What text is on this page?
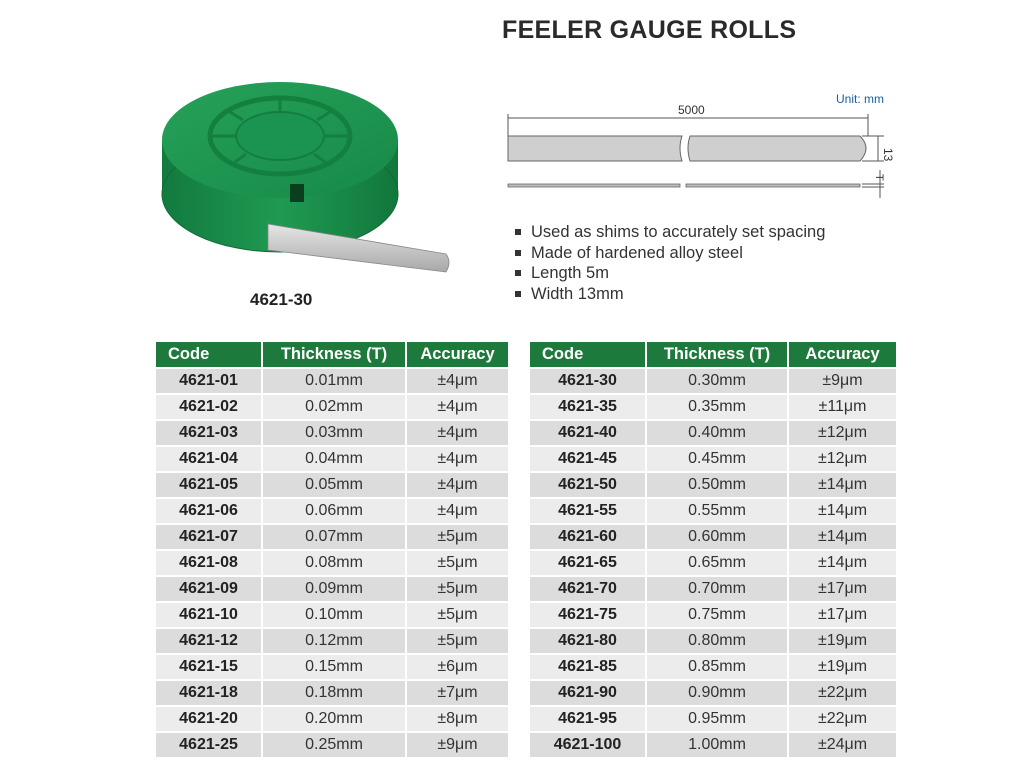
FEELER GAUGE ROLLS
4621-30
5000
13
T
Unit: mm
Used as shims to accurately set spacing
Made of hardened alloy steel
Length 5m
Width 13mm
Code	Thickness (T)	Accuracy
4621-01	0.01mm	±4μm
4621-02	0.02mm	±4μm
4621-03	0.03mm	±4μm
4621-04	0.04mm	±4μm
4621-05	0.05mm	±4μm
4621-06	0.06mm	±4μm
4621-07	0.07mm	±5μm
4621-08	0.08mm	±5μm
4621-09	0.09mm	±5μm
4621-10	0.10mm	±5μm
4621-12	0.12mm	±5μm
4621-15	0.15mm	±6μm
4621-18	0.18mm	±7μm
4621-20	0.20mm	±8μm
4621-25	0.25mm	±9μm
Code	Thickness (T)	Accuracy
4621-30	0.30mm	±9μm
4621-35	0.35mm	±11μm
4621-40	0.40mm	±12μm
4621-45	0.45mm	±12μm
4621-50	0.50mm	±14μm
4621-55	0.55mm	±14μm
4621-60	0.60mm	±14μm
4621-65	0.65mm	±14μm
4621-70	0.70mm	±17μm
4621-75	0.75mm	±17μm
4621-80	0.80mm	±19μm
4621-85	0.85mm	±19μm
4621-90	0.90mm	±22μm
4621-95	0.95mm	±22μm
4621-100	1.00mm	±24μm
